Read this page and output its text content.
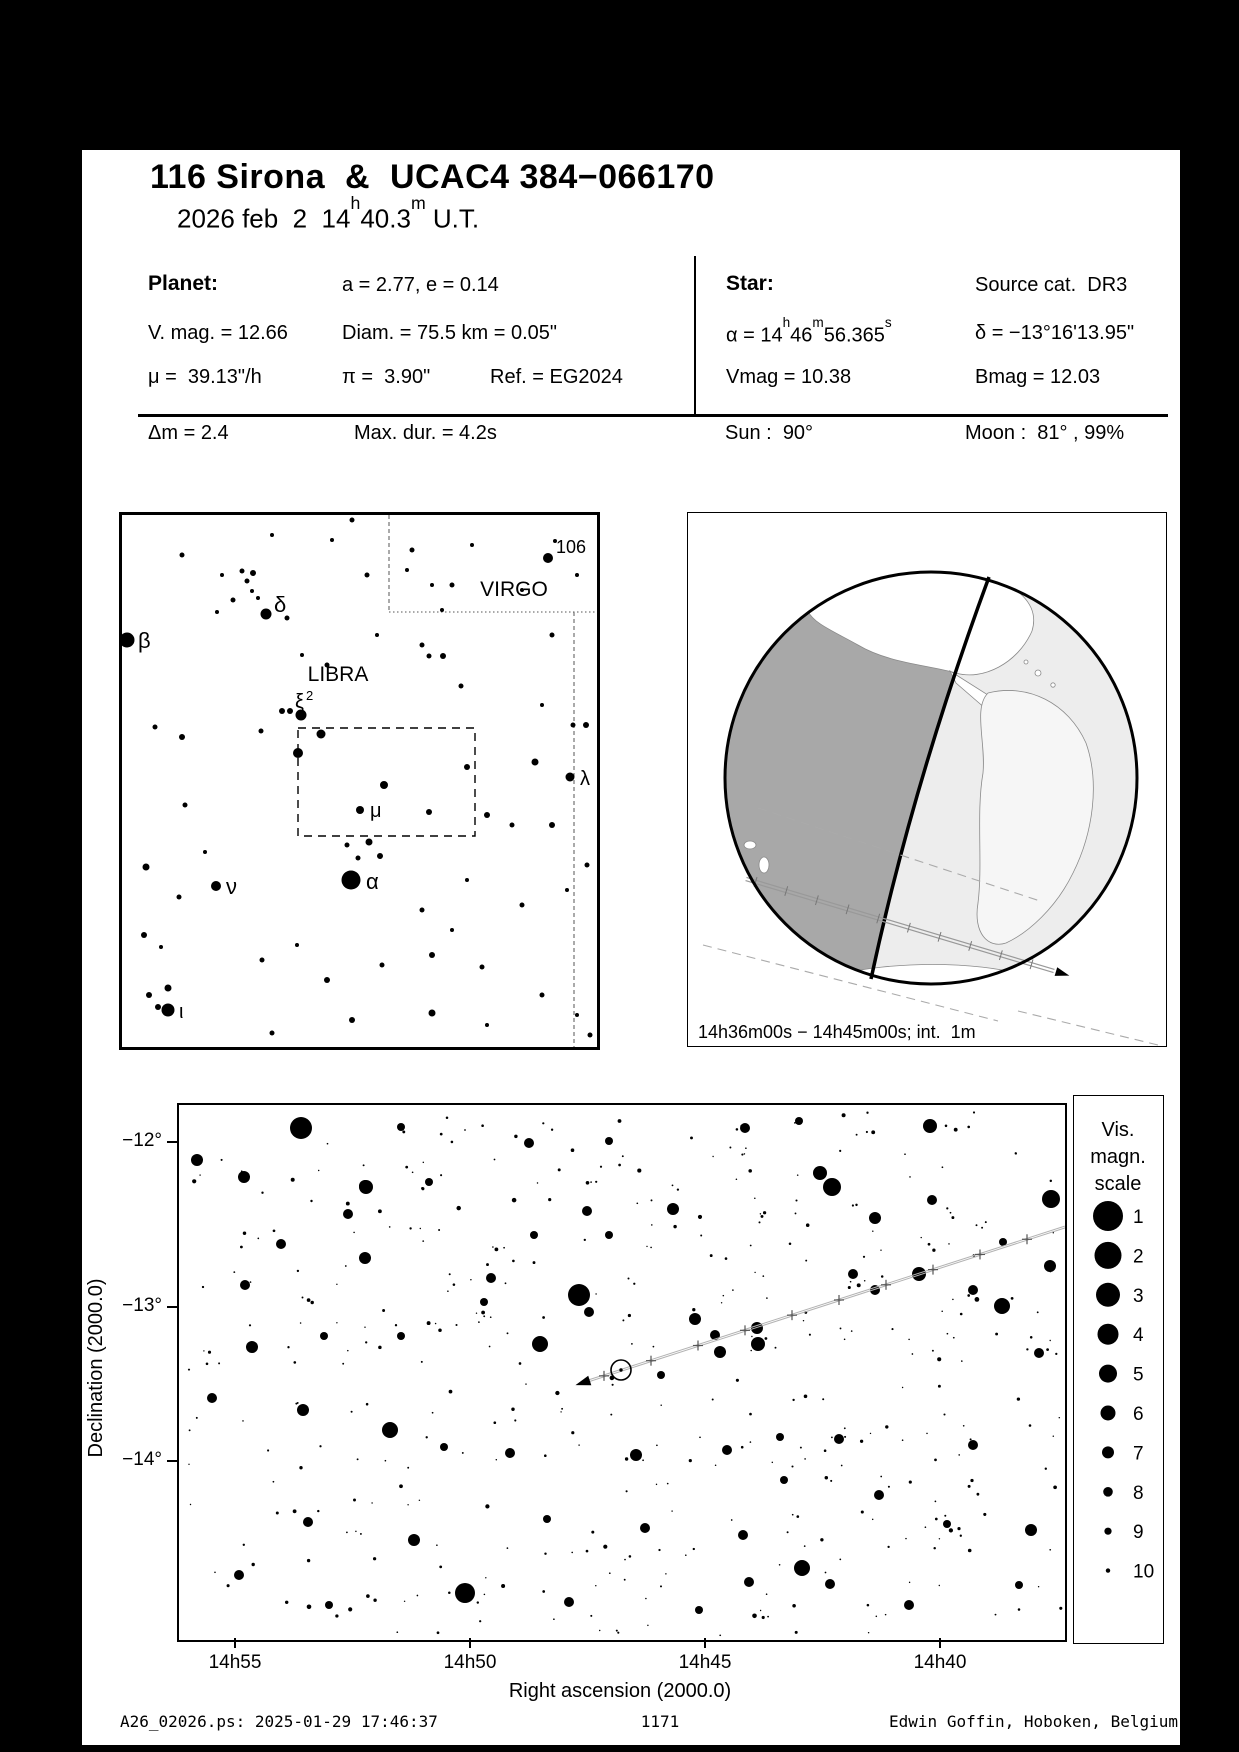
116 Sirona  &  UCAC4 384−066170
2026 feb  2  14$^h$40.3$^m$ U.T.
Planet:	a = 2.77, e = 0.14
V. mag. = 12.66	Diam. = 75.5 km = 0.05"
μ =  39.13"/h	π =  3.90"	Ref. = EG2024
Star:	Source cat.  DR3
$\alpha = 14^h46^m56.365^s$	δ = −13°16'13.95"
Vmag = 10.38	Bmag = 12.03
Δm = 2.4	Max. dur. = 4.2s	Sun :  90°	Moon :  81° , 99%
106
VIRGO
LIBRA
β
δ
μ
α
ν
ι
λ
ξ $^2$
14h36m00s − 14h45m00s; int.  1m
Vis.
magn.
scale
1
2
3
4
5
6
7
8
9
10
Right ascension (2000.0)
Declination (2000.0)
A26_02026.ps: 2025-01-29 17:46:37	1171	Edwin Goffin, Hoboken, Belgium
14h55	14h50	14h45	14h40
−12°
−13°
−14°
